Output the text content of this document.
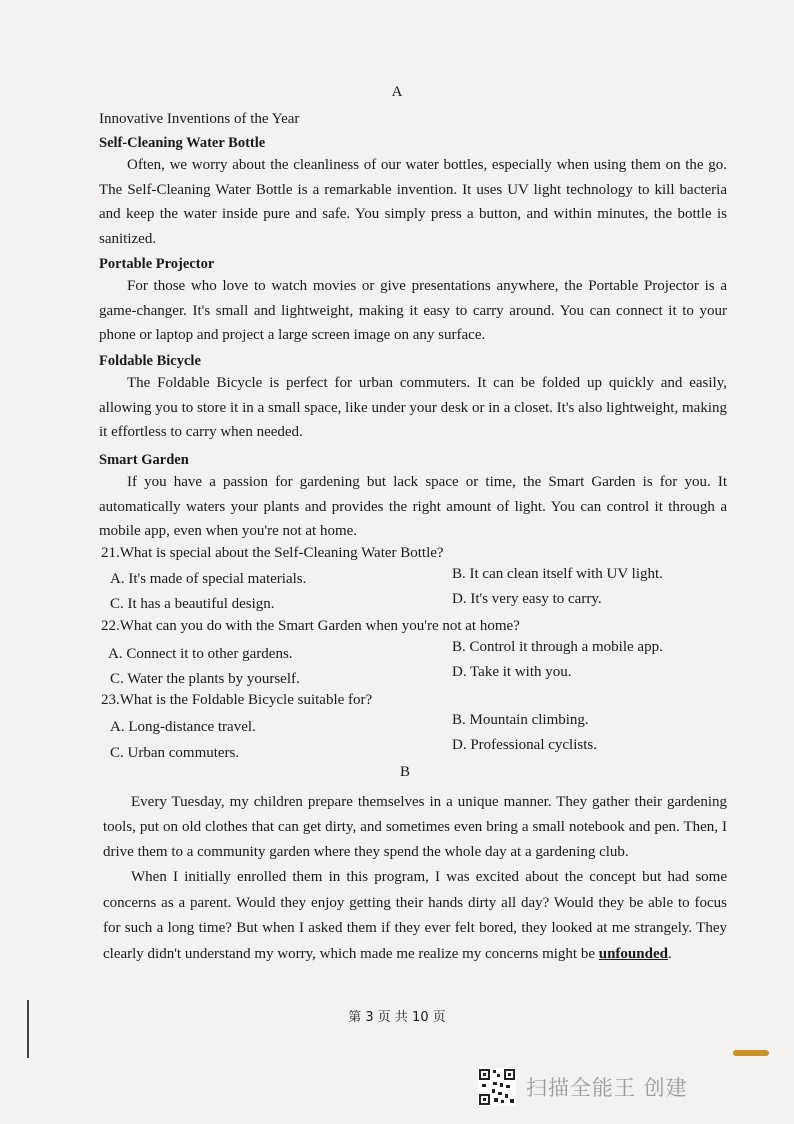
A
Innovative Inventions of the Year
Self-Cleaning Water Bottle
Often, we worry about the cleanliness of our water bottles, especially when using them on the go. The Self-Cleaning Water Bottle is a remarkable invention. It uses UV light technology to kill bacteria and keep the water inside pure and safe. You simply press a button, and within minutes, the bottle is sanitized.
Portable Projector
For those who love to watch movies or give presentations anywhere, the Portable Projector is a game-changer. It's small and lightweight, making it easy to carry around. You can connect it to your phone or laptop and project a large screen image on any surface.
Foldable Bicycle
The Foldable Bicycle is perfect for urban commuters. It can be folded up quickly and easily, allowing you to store it in a small space, like under your desk or in a closet. It's also lightweight, making it effortless to carry when needed.
Smart Garden
If you have a passion for gardening but lack space or time, the Smart Garden is for you. It automatically waters your plants and provides the right amount of light. You can control it through a mobile app, even when you're not at home.
21.What is special about the Self-Cleaning Water Bottle?
A. It's made of special materials.	B. It can clean itself with UV light.
C. It has a beautiful design.	D. It's very easy to carry.
22.What can you do with the Smart Garden when you're not at home?
A. Connect it to other gardens.	B. Control it through a mobile app.
C. Water the plants by yourself.	D. Take it with you.
23.What is the Foldable Bicycle suitable for?
A. Long-distance travel.	B. Mountain climbing.
C. Urban commuters.	D. Professional cyclists.
B
Every Tuesday, my children prepare themselves in a unique manner. They gather their gardening tools, put on old clothes that can get dirty, and sometimes even bring a small notebook and pen. Then, I drive them to a community garden where they spend the whole day at a gardening club.
When I initially enrolled them in this program, I was excited about the concept but had some concerns as a parent. Would they enjoy getting their hands dirty all day? Would they be able to focus for such a long time? But when I asked them if they ever felt bored, they looked at me strangely. They clearly didn't understand my worry, which made me realize my concerns might be unfounded.
第 3 页 共 10 页
扫描全能王 创建
